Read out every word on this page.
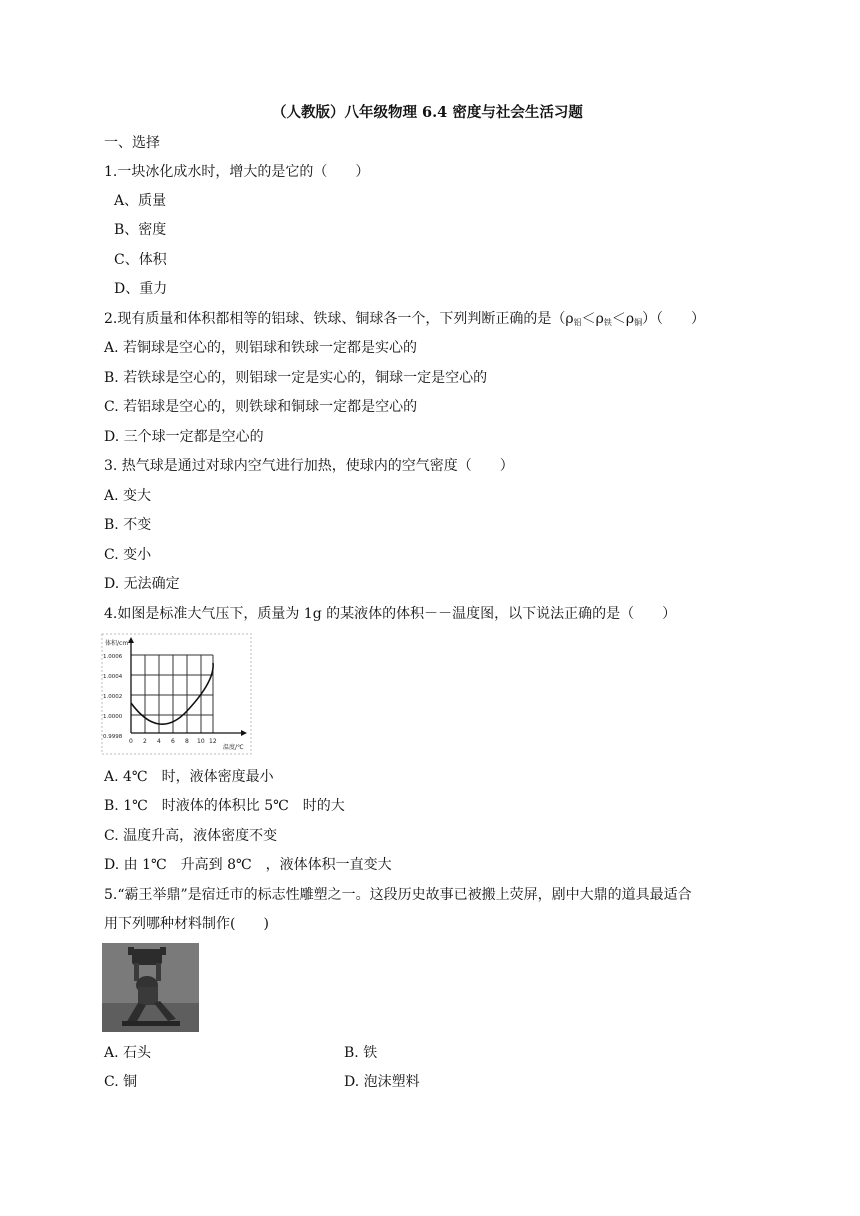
（人教版）八年级物理 6.4 密度与社会生活习题
一、选择
1.一块冰化成水时，增大的是它的（　　）
A、质量
B、密度
C、体积
D、重力
2.现有质量和体积都相等的铝球、铁球、铜球各一个，下列判断正确的是$(\rho_铝<\rho_铁<\rho_铜)$（　　）
A. 若铜球是空心的，则铝球和铁球一定都是实心的
B. 若铁球是空心的，则铝球一定是实心的，铜球一定是空心的
C. 若铝球是空心的，则铁球和铜球一定都是空心的
D. 三个球一定都是空心的
3. 热气球是通过对球内空气进行加热，使球内的空气密度（　　）
A. 变大
B. 不变
C. 变小
D. 无法确定
4.如图是标准大气压下，质量为 1g 的某液体的体积－－温度图，以下说法正确的是（　　）
体积/cm³
1.0006
1.0004
1.0002
1.0000
0.9998
0 2 4 6 8 10 12
温度/℃
A. 4℃　时，液体密度最小
B. 1℃　时液体的体积比 5℃　时的大
C. 温度升高，液体密度不变
D. 由 1℃　升高到 8℃　，液体体积一直变大
5.“霸王举鼎”是宿迁市的标志性雕塑之一。这段历史故事已被搬上荧屏，剧中大鼎的道具最适合
用下列哪种材料制作(　　)
A. 石头	B. 铁
C. 铜	D. 泡沫塑料
